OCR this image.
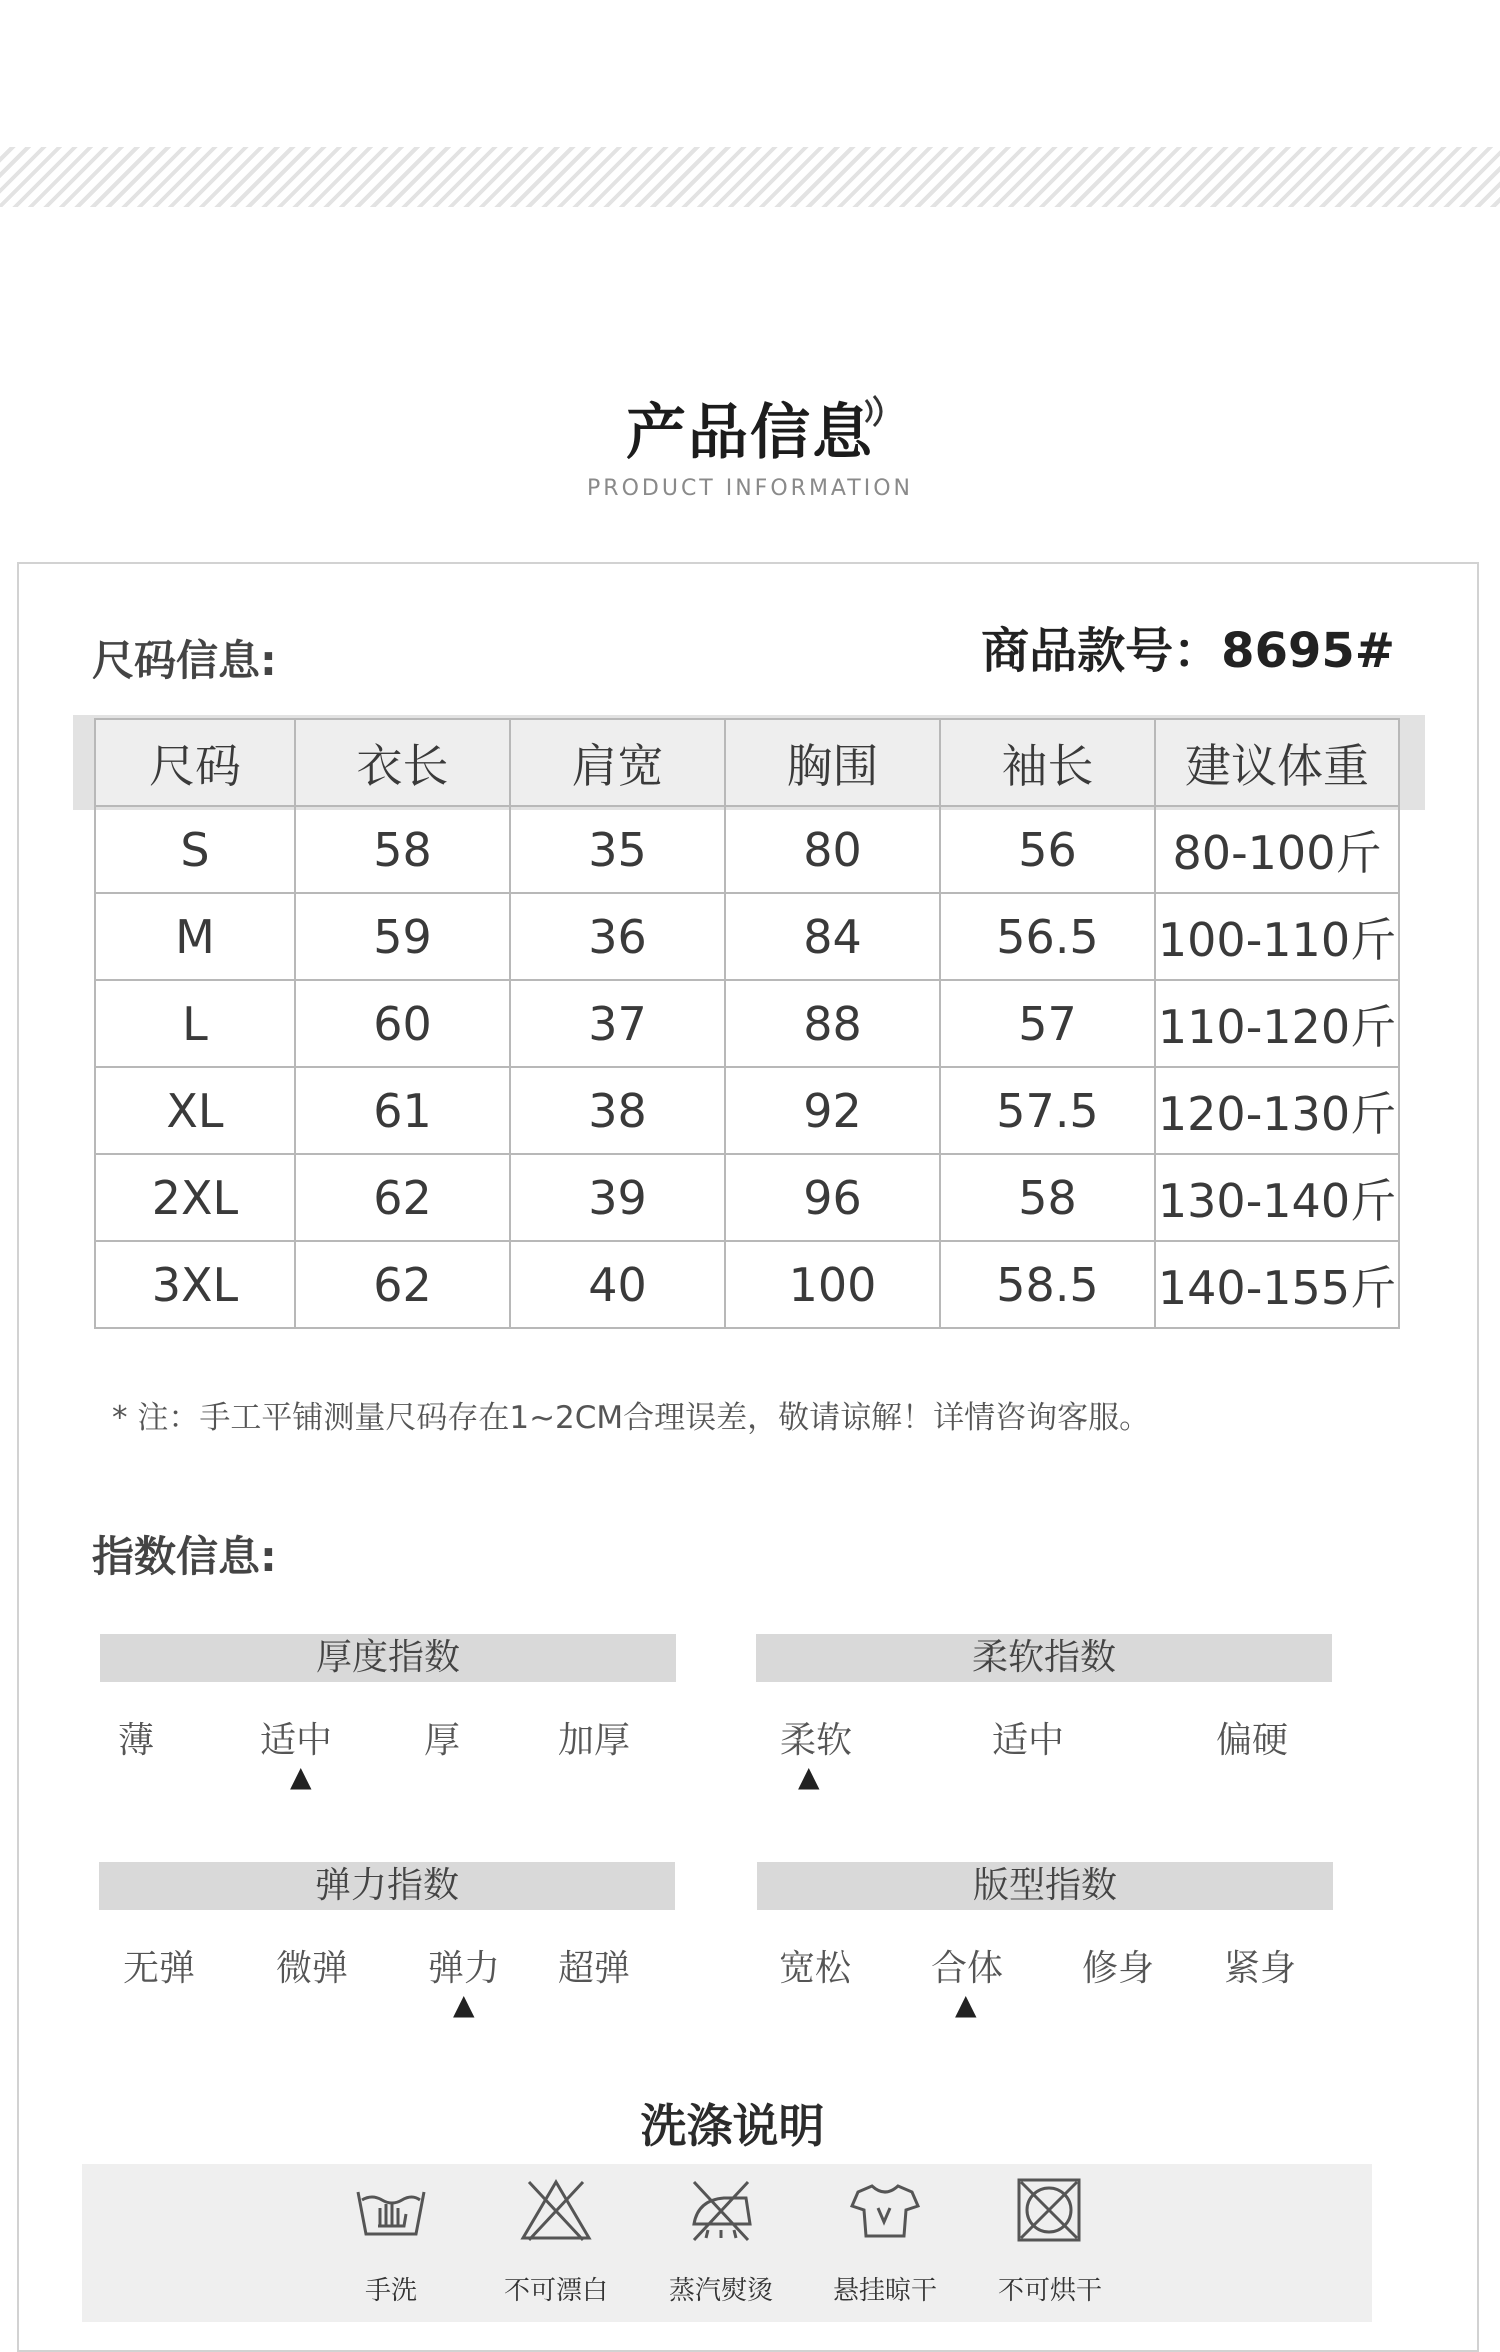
产品信息
PRODUCT INFORMATION
尺码信息:	商品款号：8695#
尺码	衣长	肩宽	胸围	袖长	建议体重
S	58	35	80	56	80-100斤
M	59	36	84	56.5	100-110斤
L	60	37	88	57	110-120斤
XL	61	38	92	57.5	120-130斤
2XL	62	39	96	58	130-140斤
3XL	62	40	100	58.5	140-155斤
* 注：手工平铺测量尺码存在1~2CM合理误差，敬请谅解！详情咨询客服。
指数信息:
厚度指数
薄	适中	厚	加厚
▲
柔软指数
柔软	适中	偏硬
▲
弹力指数
无弹 微弹 弹力 超弹
▲
版型指数
宽松 合体 修身 紧身
▲
洗涤说明
手洗	不可漂白	蒸汽熨烫	悬挂晾干	不可烘干
